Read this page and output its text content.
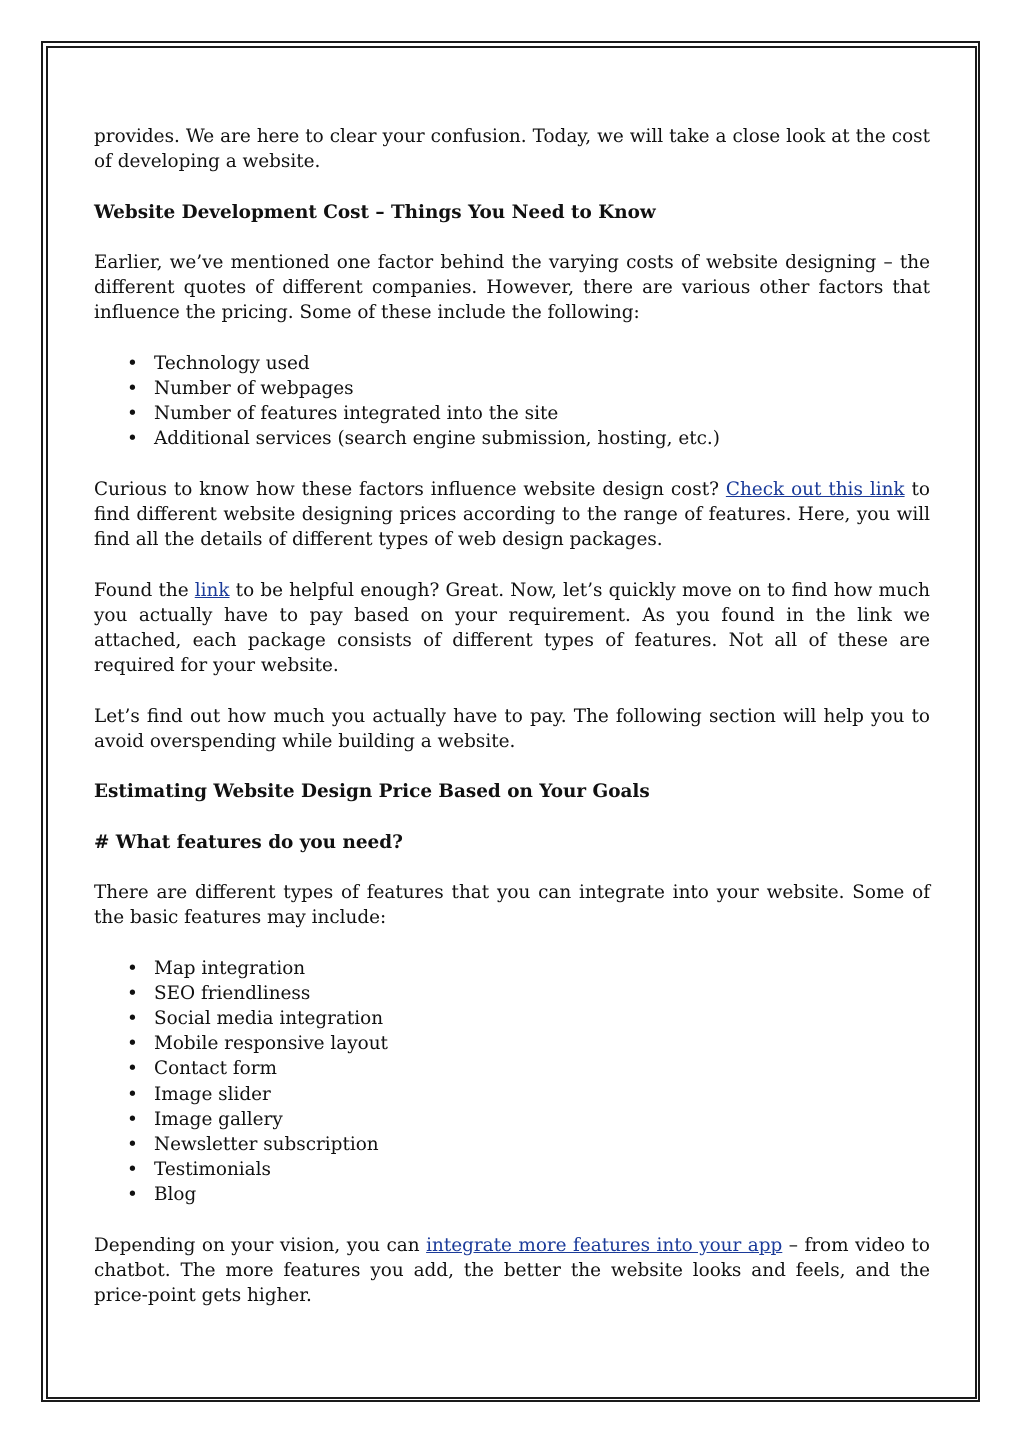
provides. We are here to clear your confusion. Today, we will take a close look at the cost of developing a website.

Website Development Cost – Things You Need to Know

Earlier, we’ve mentioned one factor behind the varying costs of website designing – the different quotes of different companies. However, there are various other factors that influence the pricing. Some of these include the following:

• Technology used
• Number of webpages
• Number of features integrated into the site
• Additional services (search engine submission, hosting, etc.)

Curious to know how these factors influence website design cost? Check out this link to find different website designing prices according to the range of features. Here, you will find all the details of different types of web design packages.

Found the link to be helpful enough? Great. Now, let’s quickly move on to find how much you actually have to pay based on your requirement. As you found in the link we attached, each package consists of different types of features. Not all of these are required for your website.

Let’s find out how much you actually have to pay. The following section will help you to avoid overspending while building a website.

Estimating Website Design Price Based on Your Goals
# What features do you need?

There are different types of features that you can integrate into your website. Some of the basic features may include:

• Map integration
• SEO friendliness
• Social media integration
• Mobile responsive layout
• Contact form
• Image slider
• Image gallery
• Newsletter subscription
• Testimonials
• Blog

Depending on your vision, you can integrate more features into your app – from video to chatbot. The more features you add, the better the website looks and feels, and the price-point gets higher.
